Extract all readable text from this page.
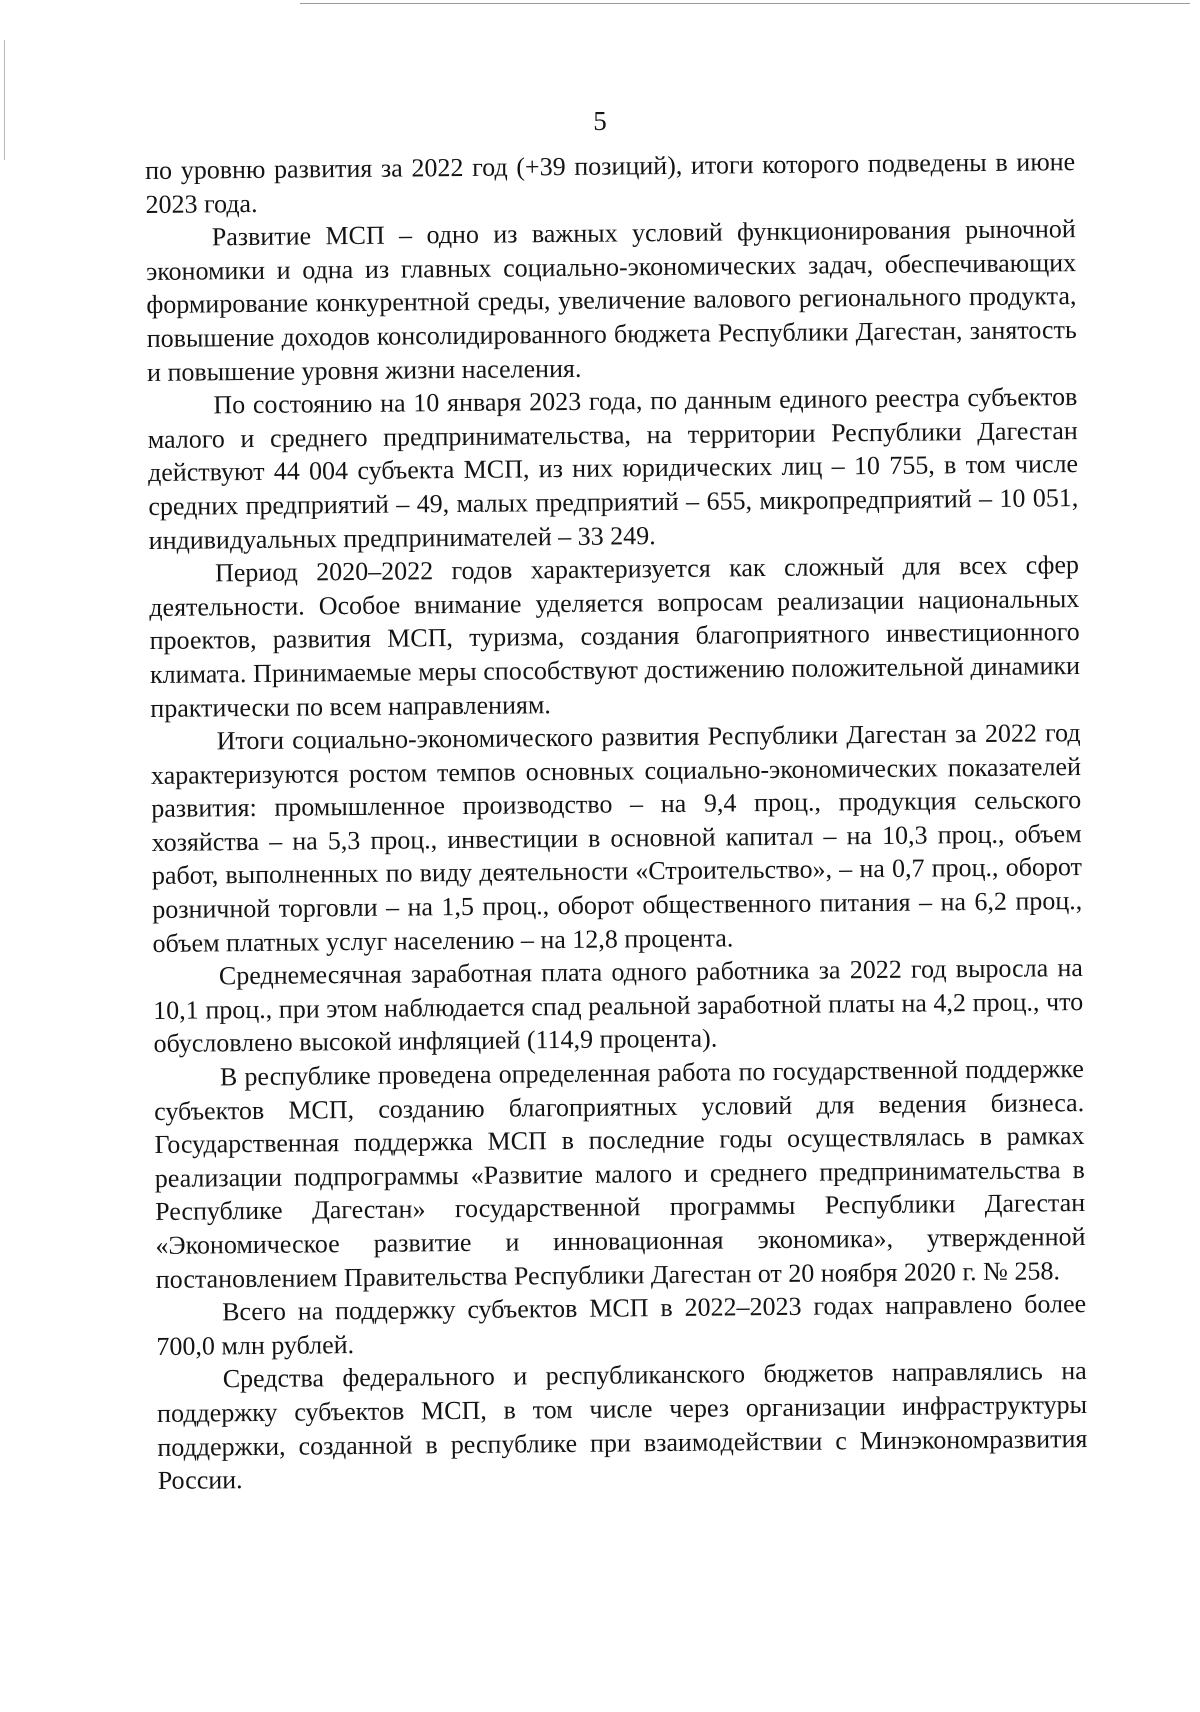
5

по уровню развития за 2022 год (+39 позиций), итоги которого подведены в июне 2023 года.

Развитие МСП – одно из важных условий функционирования рыночной экономики и одна из главных социально-экономических задач, обеспечивающих формирование конкурентной среды, увеличение валового регионального продукта, повышение доходов консолидированного бюджета Республики Дагестан, занятость и повышение уровня жизни населения.

По состоянию на 10 января 2023 года, по данным единого реестра субъектов малого и среднего предпринимательства, на территории Республики Дагестан действуют 44 004 субъекта МСП, из них юридических лиц – 10 755, в том числе средних предприятий – 49, малых предприятий – 655, микропредприятий – 10 051, индивидуальных предпринимателей – 33 249.

Период 2020–2022 годов характеризуется как сложный для всех сфер деятельности. Особое внимание уделяется вопросам реализации национальных проектов, развития МСП, туризма, создания благоприятного инвестиционного климата. Принимаемые меры способствуют достижению положительной динамики практически по всем направлениям.

Итоги социально-экономического развития Республики Дагестан за 2022 год характеризуются ростом темпов основных социально-экономических показателей развития: промышленное производство – на 9,4 проц., продукция сельского хозяйства – на 5,3 проц., инвестиции в основной капитал – на 10,3 проц., объем работ, выполненных по виду деятельности «Строительство», – на 0,7 проц., оборот розничной торговли – на 1,5 проц., оборот общественного питания – на 6,2 проц., объем платных услуг населению – на 12,8 процента.

Среднемесячная заработная плата одного работника за 2022 год выросла на 10,1 проц., при этом наблюдается спад реальной заработной платы на 4,2 проц., что обусловлено высокой инфляцией (114,9 процента).

В республике проведена определенная работа по государственной поддержке субъектов МСП, созданию благоприятных условий для ведения бизнеса. Государственная поддержка МСП в последние годы осуществлялась в рамках реализации подпрограммы «Развитие малого и среднего предпринимательства в Республике Дагестан» государственной программы Республики Дагестан «Экономическое развитие и инновационная экономика», утвержденной постановлением Правительства Республики Дагестан от 20 ноября 2020 г. № 258.

Всего на поддержку субъектов МСП в 2022–2023 годах направлено более 700,0 млн рублей.

Средства федерального и республиканского бюджетов направлялись на поддержку субъектов МСП, в том числе через организации инфраструктуры поддержки, созданной в республике при взаимодействии с Минэкономразвития России.
